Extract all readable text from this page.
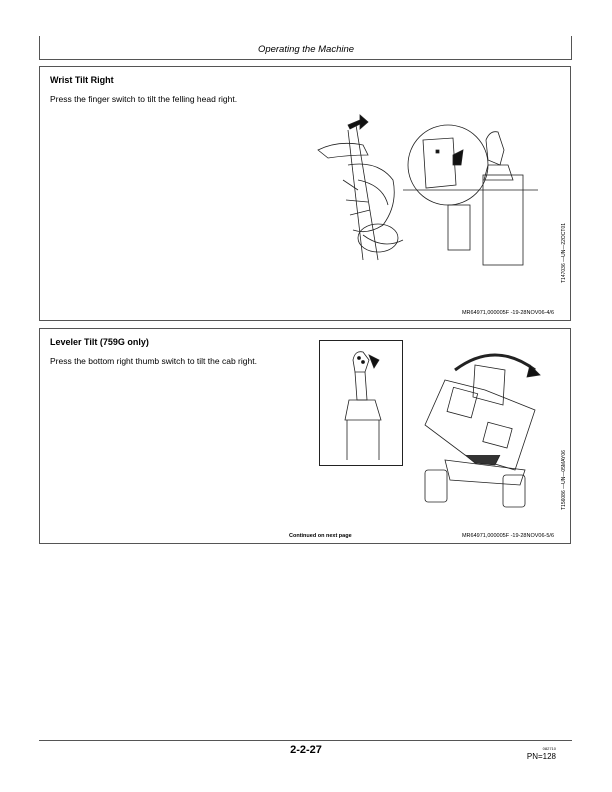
Operating the Machine
Wrist Tilt Right
Press the finger switch to tilt the felling head right.
MR64971,000005F -19-28NOV06-4/6
T147036 —UN—22OCT01
Leveler Tilt (759G only)
Press the bottom right thumb switch to tilt the cab right.
Continued on next page	MR64971,000005F -19-28NOV06-5/6
T156086 —UN—05MAY06
2-2-27	082710
PN=128
